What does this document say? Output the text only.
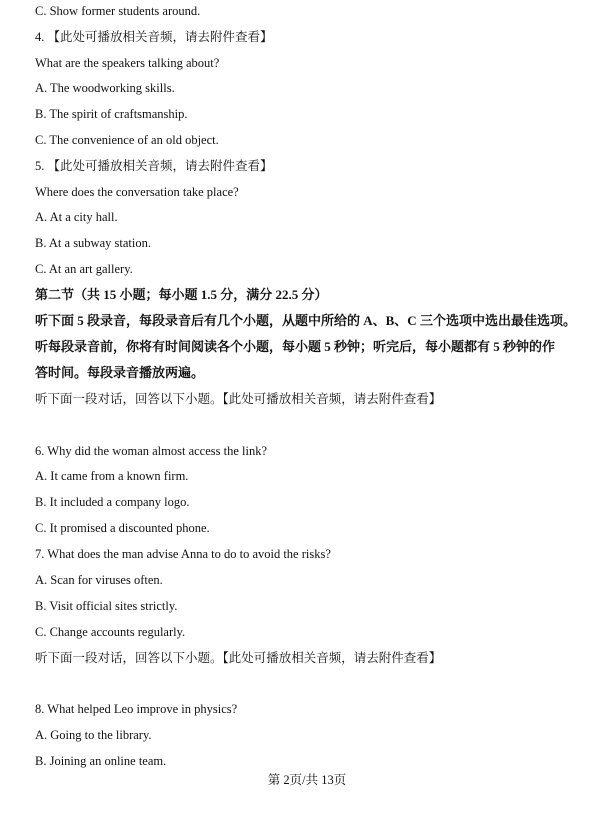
C. Show former students around.
4. 【此处可播放相关音频，请去附件查看】
What are the speakers talking about?
A. The woodworking skills.
B. The spirit of craftsmanship.
C. The convenience of an old object.
5. 【此处可播放相关音频，请去附件查看】
Where does the conversation take place?
A. At a city hall.
B. At a subway station.
C. At an art gallery.
第二节（共 15 小题；每小题 1.5 分，满分 22.5 分）
听下面 5 段录音，每段录音后有几个小题，从题中所给的 A、B、C 三个选项中选出最佳选项。
听每段录音前，你将有时间阅读各个小题，每小题 5 秒钟；听完后，每小题都有 5 秒钟的作
答时间。每段录音播放两遍。
听下面一段对话，回答以下小题。【此处可播放相关音频，请去附件查看】
6. Why did the woman almost access the link?
A. It came from a known firm.
B. It included a company logo.
C. It promised a discounted phone.
7. What does the man advise Anna to do to avoid the risks?
A. Scan for viruses often.
B. Visit official sites strictly.
C. Change accounts regularly.
听下面一段对话，回答以下小题。【此处可播放相关音频，请去附件查看】
8. What helped Leo improve in physics?
A. Going to the library.
B. Joining an online team.
第 2页/共 13页
